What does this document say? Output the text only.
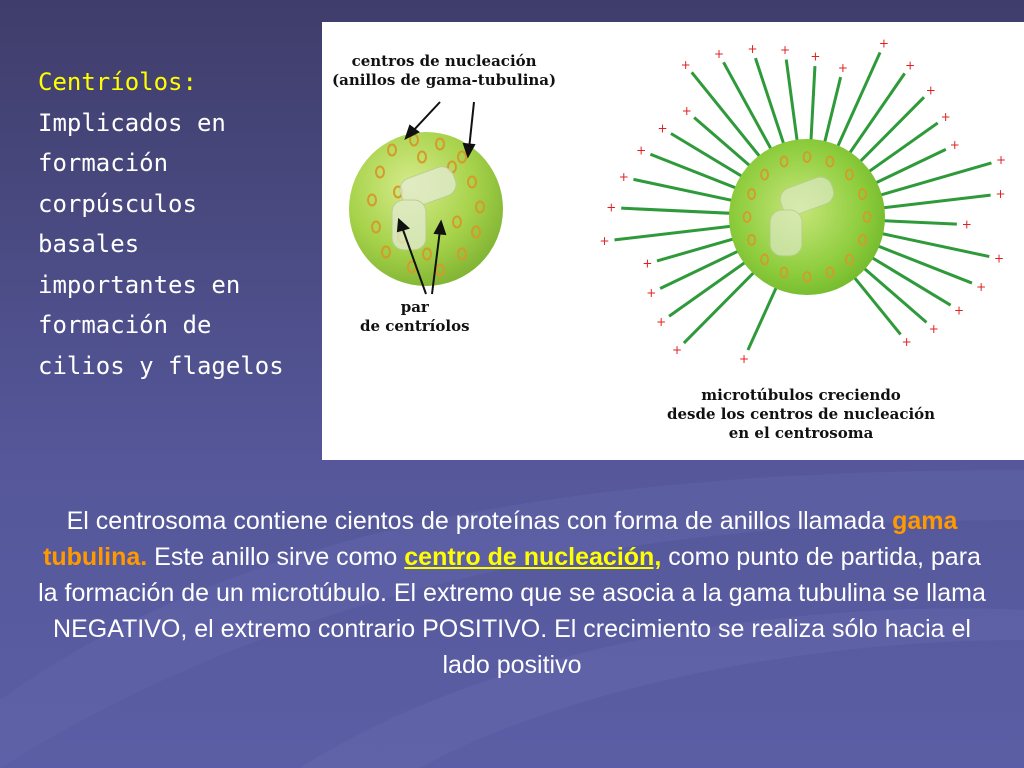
Centríolos:
Implicados en
formación
corpúsculos
basales
importantes en
formación de
cilios y flagelos
+
+
+
+
+
+
+
+
+
+
+
+
+
+
+
+
+
+
+ + + +
+
+
+
+
+
+
+
+
centros de nucleación
(anillos de gama-tubulina)
par
de centríolos
microtúbulos creciendo
desde los centros de nucleación
en el centrosoma
El centrosoma contiene cientos de proteínas con forma de anillos llamada gama tubulina. Este anillo sirve como centro de nucleación, como punto de partida, para la formación de un microtúbulo. El extremo que se asocia a la gama tubulina se llama NEGATIVO, el extremo contrario POSITIVO. El crecimiento se realiza sólo hacia el lado positivo
